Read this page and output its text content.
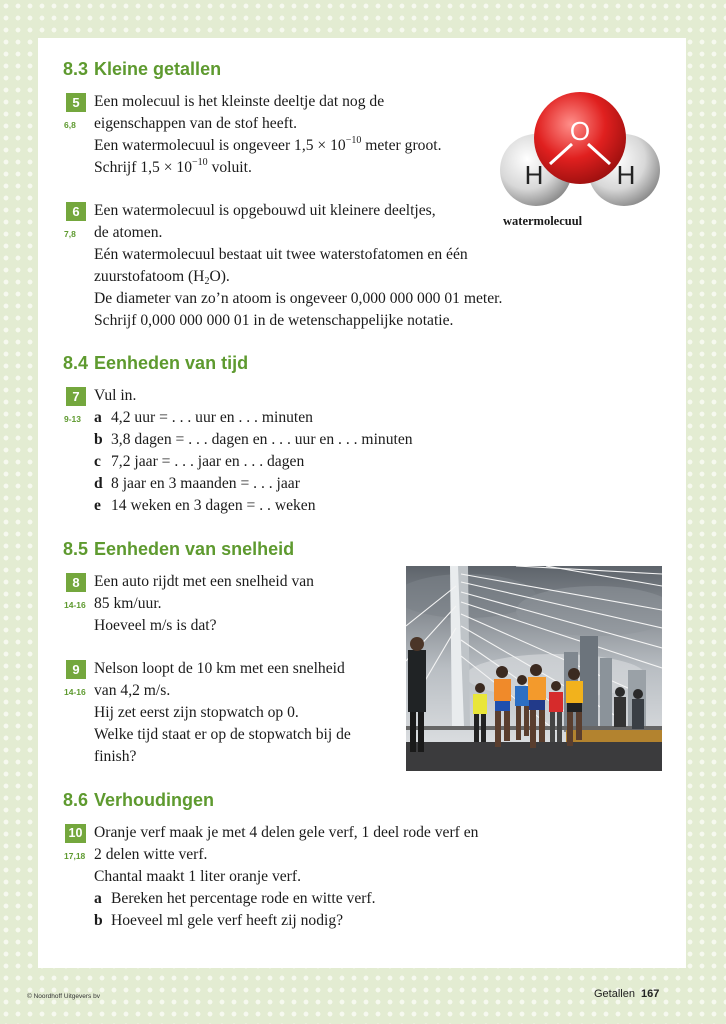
8.3 Kleine getallen
5
6,8
Een molecuul is het kleinste deeltje dat nog de
eigenschappen van de stof heeft.
Een watermolecuul is ongeveer $1,5 \times 10^{-10}$ meter groot.
Schrijf $1,5 \times 10^{-10}$ voluit.
O
H	H
watermolecuul
6
7,8
Een watermolecuul is opgebouwd uit kleinere deeltjes,
de atomen.
Eén watermolecuul bestaat uit twee waterstofatomen en één
zuurstofatoom $(H_2O)$.
De diameter van zo’n atoom is ongeveer 0,000 000 000 01 meter.
Schrijf 0,000 000 000 01 in de wetenschappelijke notatie.
8.4 Eenheden van tijd
7
9-13
Vul in.
a 4,2 uur = . . . uur en . . . minuten
b 3,8 dagen = . . . dagen en . . . uur en . . . minuten
c 7,2 jaar = . . . jaar en . . . dagen
d 8 jaar en 3 maanden = . . . jaar
e 14 weken en 3 dagen = . . weken
8.5 Eenheden van snelheid
8
14-16
Een auto rijdt met een snelheid van
85 km/uur.
Hoeveel m/s is dat?
9
14-16
Nelson loopt de 10 km met een snelheid
van 4,2 m/s.
Hij zet eerst zijn stopwatch op 0.
Welke tijd staat er op de stopwatch bij de
finish?
8.6 Verhoudingen
10
17,18
Oranje verf maak je met 4 delen gele verf, 1 deel rode verf en
2 delen witte verf.
Chantal maakt 1 liter oranje verf.
a Bereken het percentage rode en witte verf.
b Hoeveel ml gele verf heeft zij nodig?
© Noordhoff Uitgevers bv	Getallen 167
